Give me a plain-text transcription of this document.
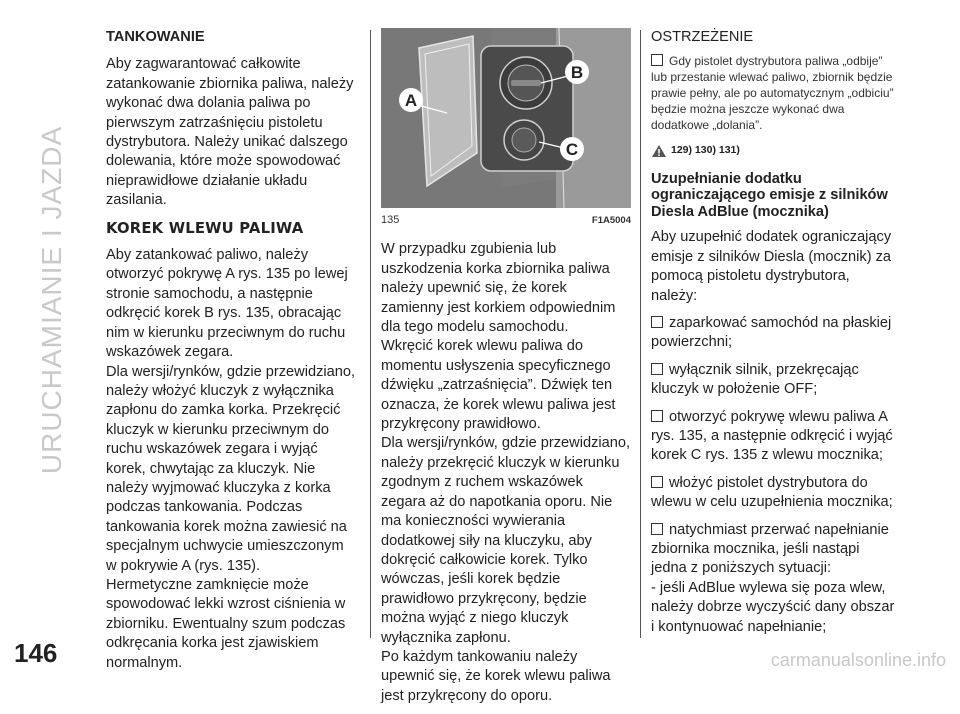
URUCHAMIANIE I JAZDA
146
TANKOWANIE

Aby zagwarantować całkowite zatankowanie zbiornika paliwa, należy wykonać dwa dolania paliwa po pierwszym zatrzaśnięciu pistoletu dystrybutora. Należy unikać dalszego dolewania, które może spowodować nieprawidłowe działanie układu zasilania.

KOREK WLEWU PALIWA

Aby zatankować paliwo, należy otworzyć pokrywę A rys. 135 po lewej stronie samochodu, a następnie odkręcić korek B rys. 135, obracając nim w kierunku przeciwnym do ruchu wskazówek zegara.

Dla wersji/rynków, gdzie przewidziano, należy włożyć kluczyk z wyłącznika zapłonu do zamka korka. Przekręcić kluczyk w kierunku przeciwnym do ruchu wskazówek zegara i wyjąć korek, chwytając za kluczyk. Nie należy wyjmować kluczyka z korka podczas tankowania. Podczas tankowania korek można zawiesić na specjalnym uchwycie umieszczonym w pokrywie A (rys. 135).

Hermetyczne zamknięcie może spowodować lekki wzrost ciśnienia w zbiorniku. Ewentualny szum podczas odkręcania korka jest zjawiskiem normalnym.

A
B
C
135	F1A5004

W przypadku zgubienia lub uszkodzenia korka zbiornika paliwa należy upewnić się, że korek zamienny jest korkiem odpowiednim dla tego modelu samochodu.

Wkręcić korek wlewu paliwa do momentu usłyszenia specyficznego dźwięku „zatrzaśnięcia”. Dźwięk ten oznacza, że korek wlewu paliwa jest przykręcony prawidłowo.

Dla wersji/rynków, gdzie przewidziano, należy przekręcić kluczyk w kierunku zgodnym z ruchem wskazówek zegara aż do napotkania oporu. Nie ma konieczności wywierania dodatkowej siły na kluczyku, aby dokręcić całkowicie korek. Tylko wówczas, jeśli korek będzie prawidłowo przykręcony, będzie można wyjąć z niego kluczyk wyłącznika zapłonu.

Po każdym tankowaniu należy upewnić się, że korek wlewu paliwa jest przykręcony do oporu.

OSTRZEŻENIE
Gdy pistolet dystrybutora paliwa „odbije” lub przestanie wlewać paliwo, zbiornik będzie prawie pełny, ale po automatycznym „odbiciu” będzie można jeszcze wykonać dwa dodatkowe „dolania”.
129) 130) 131)
Uzupełnianie dodatku ograniczającego emisje z silników Diesla AdBlue (mocznika)

Aby uzupełnić dodatek ograniczający emisje z silników Diesla (mocznik) za pomocą pistoletu dystrybutora, należy:

zaparkować samochód na płaskiej powierzchni;

wyłącznik silnik, przekręcając kluczyk w położenie OFF;

otworzyć pokrywę wlewu paliwa A rys. 135, a następnie odkręcić i wyjąć korek C rys. 135 z wlewu mocznika;

włożyć pistolet dystrybutora do wlewu w celu uzupełnienia mocznika;

natychmiast przerwać napełnianie zbiornika mocznika, jeśli nastąpi jedna z poniższych sytuacji:

- jeśli AdBlue wylewa się poza wlew, należy dobrze wyczyścić dany obszar i kontynuować napełnianie;

carmanualsonline.info
